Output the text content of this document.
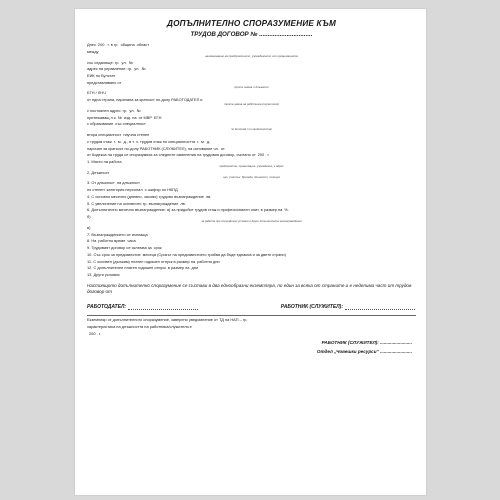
ДОПЪЛНИТЕЛНО СПОРАЗУМЕНИЕ КЪМ
ТРУДОВ ДОГОВОР № ...............................
Днес 200 . г. в гр. община област
между
наименование на предприятието, учреждението или организацията
със седалище: гр. ул. №
адрес на управление: гр. ул. №
ЕИК по Булстат
представлявано от
трите имена и длъжност
ЕГН / ЛНЧ
от една страна, наричана за краткост по-долу РАБОТОДАТЕЛ и
трите имена на работника (служителя)
с постоянен адрес: гр. ул. №
притежаващ л.к. № изд. на от МВР ЕГН
с образование със специалност
по диплома / по свидетелство
втора специалност научна степен
с трудов стаж г. м. д., в т. ч. трудов стаж по специалността г. м. д.
наричан за краткост по-долу РАБОТНИК (СЛУЖИТЕЛ), на основание чл. от
от Кодекса на труда се споразумяха за следните изменения на трудовия договор, считано от 200 . г.
1. Място на работа
предприятие, организация, учреждение, с адрес
2. Длъжност
цех, участък, бригада, длъжност, позиция
3. От длъжност на длъжност
по степен категория персонал с шифър по НКПД
4. С основно месечно (дневно, часово) трудово възнаграждение лв.
5. С увеличение на основното тр. възнаграждение лв.
6. Допълнително месечно възнаграждение: а) за придобит трудов стаж и професионален опит, в размер на %.
б)
за работа при специфични условия и други допълнителни възнаграждения
в)
7. Възнаграждението се изплаща
8. На работно време часа
9. Трудовият договор се сключва за срок
10. Със срок за предизвестие месеца (Срокът на предизвестието трябва да бъде еднакъв и за двете страни)
11. С основен (дължим) платен годишен отпуск в размер на работни дни
12. С допълнителен платен годишен отпуск в размер на дни
13. Други условия
Настоящото допълнително споразумение се състави в два еднообразни екземпляра, по един за всяка от страните и е неделима част от трудов договор от
РАБОТОДАТЕЛ:	РАБОТНИК (СЛУЖИТЕЛ):
Екземпляр от допълнителното споразумение, заверено уведомление от ТД на НАП – гр.
характеристика на длъжността на работника/служителя е
200 . г.
РАБОТНИК (СЛУЖИТЕЛ): .........................
Отдел „Човешки ресурси“ .........................
